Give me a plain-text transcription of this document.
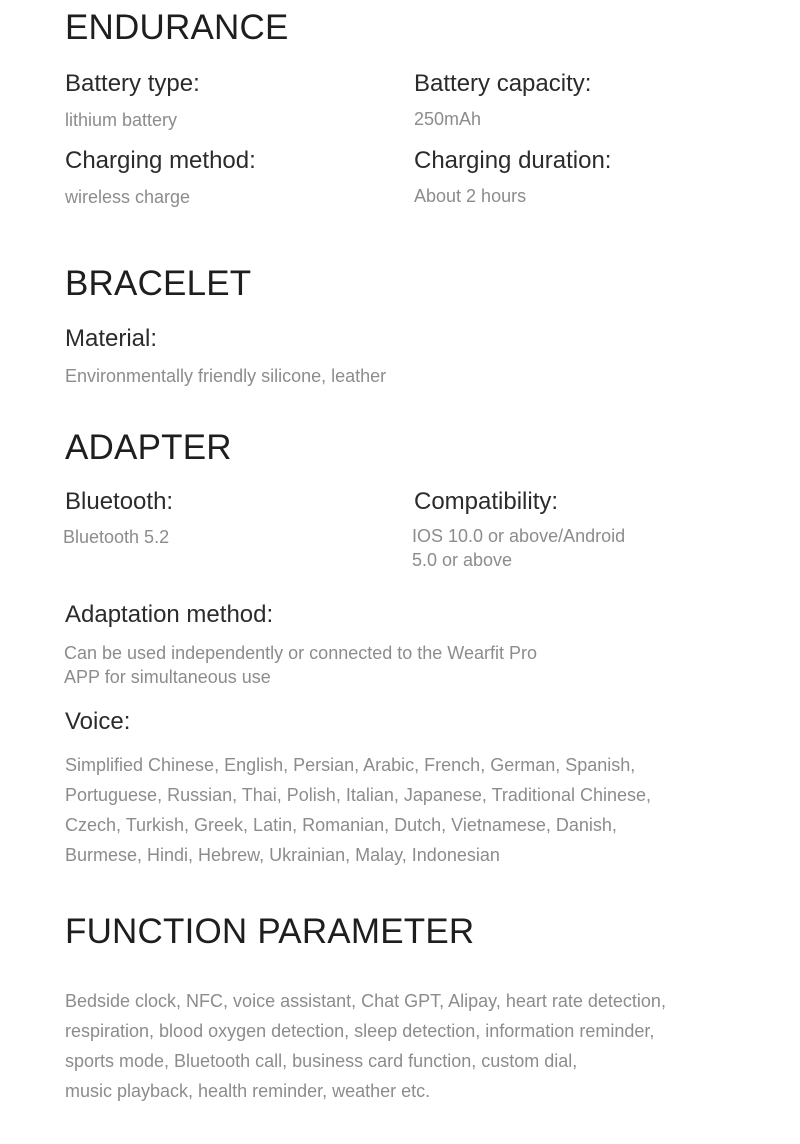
ENDURANCE
Battery type:
lithium battery
Battery capacity:
250mAh
Charging method:
wireless charge
Charging duration:
About 2 hours
BRACELET
Material:
Environmentally friendly silicone, leather
ADAPTER
Bluetooth:
Bluetooth 5.2
Compatibility:
IOS 10.0 or above/Android
5.0 or above
Adaptation method:
Can be used independently or connected to the Wearfit Pro
APP for simultaneous use
Voice:
Simplified Chinese, English, Persian, Arabic, French, German, Spanish,
Portuguese, Russian, Thai, Polish, Italian, Japanese, Traditional Chinese,
Czech, Turkish, Greek, Latin, Romanian, Dutch, Vietnamese, Danish,
Burmese, Hindi, Hebrew, Ukrainian, Malay, Indonesian
FUNCTION PARAMETER
Bedside clock, NFC, voice assistant, Chat GPT, Alipay, heart rate detection,
respiration, blood oxygen detection, sleep detection, information reminder,
sports mode, Bluetooth call, business card function, custom dial,
music playback, health reminder, weather etc.
